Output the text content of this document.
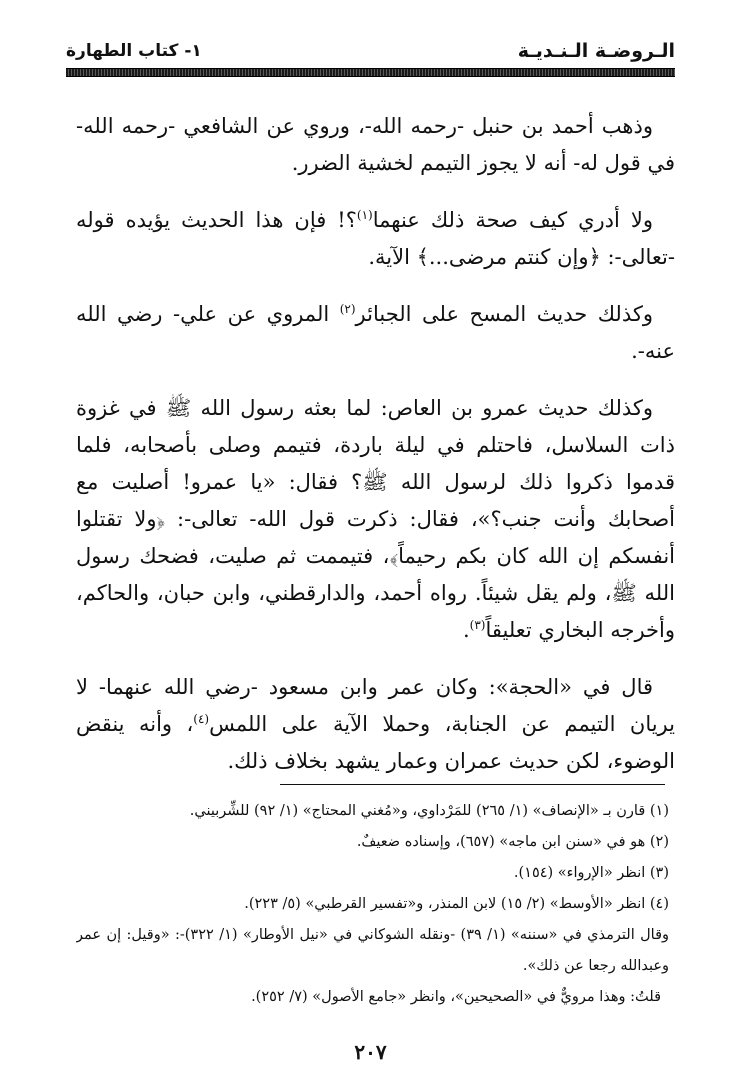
الـروضـة الـنـديـة
١- كتاب الطهارة

وذهب أحمد بن حنبل -رحمه الله-، وروي عن الشافعي -رحمه الله- في قول له- أنه لا يجوز التيمم لخشية الضرر.

ولا أدري كيف صحة ذلك عنهما$^{(١)}$؟! فإن هذا الحديث يؤيده قوله -تعالى-: ﴿وإن كنتم مرضى...﴾ الآية.

وكذلك حديث المسح على الجبائر$^{(٢)}$ المروي عن علي- رضي الله عنه-.

وكذلك حديث عمرو بن العاص: لما بعثه رسول الله ﷺ في غزوة ذات السلاسل، فاحتلم في ليلة باردة، فتيمم وصلى بأصحابه، فلما قدموا ذكروا ذلك لرسول الله ﷺ؟ فقال: «يا عمرو! أصليت مع أصحابك وأنت جنب؟»، فقال: ذكرت قول الله- تعالى-: ﴿ولا تقتلوا أنفسكم إن الله كان بكم رحيماً﴾، فتيممت ثم صليت، فضحك رسول الله ﷺ، ولم يقل شيئاً. رواه أحمد، والدارقطني، وابن حبان، والحاكم، وأخرجه البخاري تعليقاً$^{(٣)}$.

قال في «الحجة»: وكان عمر وابن مسعود -رضي الله عنهما- لا يريان التيمم عن الجنابة، وحملا الآية على اللمس$^{(٤)}$، وأنه ينقض الوضوء، لكن حديث عمران وعمار يشهد بخلاف ذلك.

(١) قارن بـ «الإنصاف» (١/ ٢٦٥) للمَرْداوي، و«مُغني المحتاج» (١/ ٩٢) للشِّربيني.
(٢) هو في «سنن ابن ماجه» (٦٥٧)، وإسناده ضعيفٌ.
(٣) انظر «الإرواء» (١٥٤).
(٤) انظر «الأوسط» (٢/ ١٥) لابن المنذر، و«تفسير القرطبي» (٥/ ٢٢٣).
وقال الترمذي في «سننه» (١/ ٣٩) -ونقله الشوكاني في «نيل الأوطار» (١/ ٣٢٢)-: «وقيل: إن عمر وعبدالله رجعا عن ذلك».
قلتُ: وهذا مرويٌّ في «الصحيحين»، وانظر «جامع الأصول» (٧/ ٢٥٢).
٢٠٧
